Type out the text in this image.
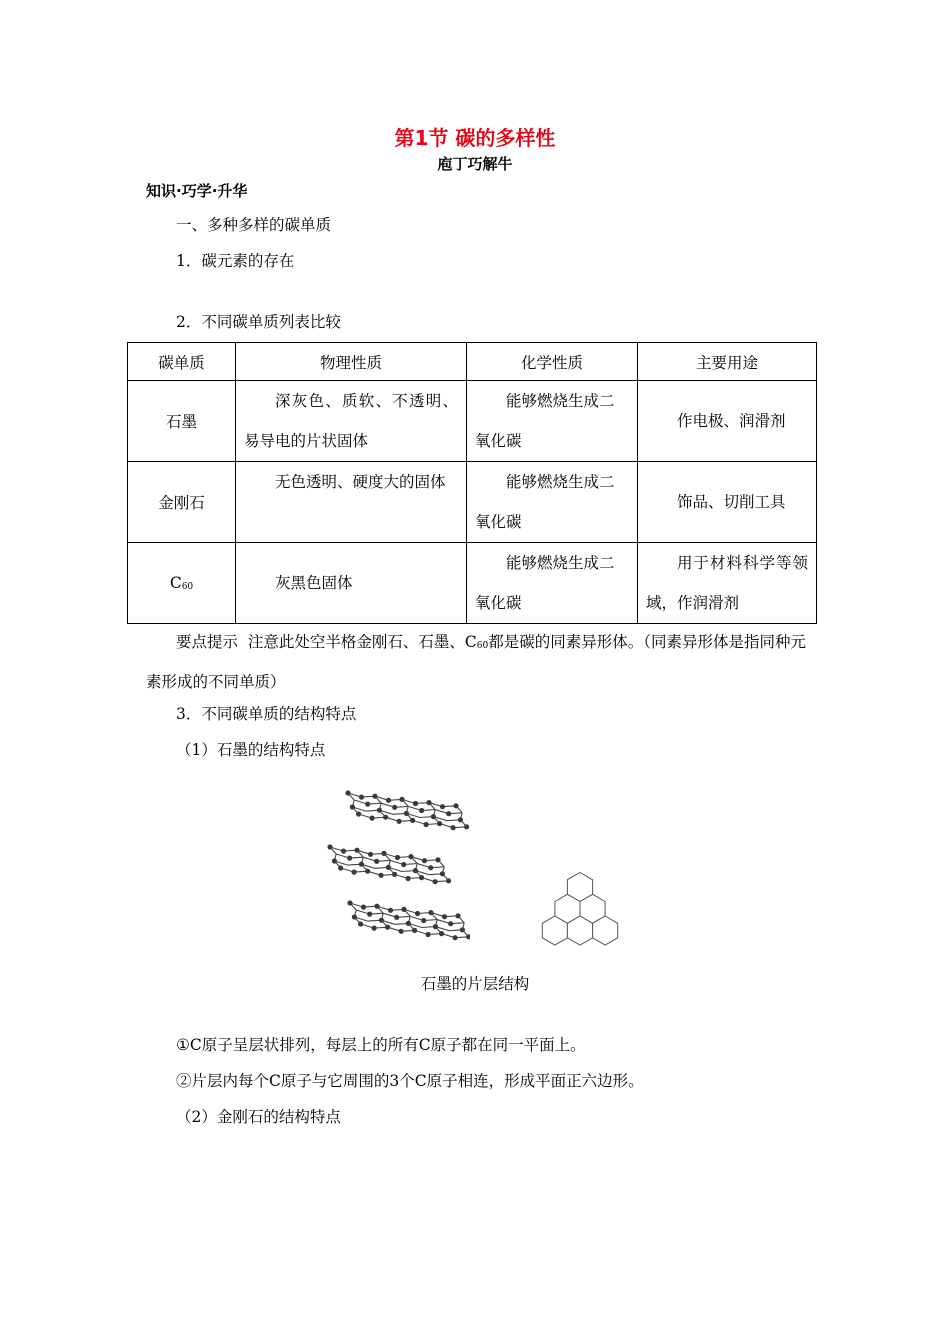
第1节 碳的多样性
庖丁巧解牛
知识·巧学·升华
一、多种多样的碳单质
1．碳元素的存在
2．不同碳单质列表比较
碳单质	物理性质	化学性质	主要用途
石墨	深灰色、质软、不透明、易导电的片状固体	能够燃烧生成二氧化碳	作电极、润滑剂

金刚石	无色透明、硬度大的固体	能够燃烧生成二氧化碳	饰品、切削工具

$C_{60}$	灰黑色固体	能够燃烧生成二氧化碳	用于材料科学等领域，作润滑剂
要点提示 注意此处空半格金刚石、石墨、$C_{60}$都是碳的同素异形体。（同素异形体是指同种元素形成的不同单质）
3．不同碳单质的结构特点
（1）石墨的结构特点
石墨的片层结构
①C原子呈层状排列，每层上的所有C原子都在同一平面上。
②片层内每个C原子与它周围的3个C原子相连，形成平面正六边形。
（2）金刚石的结构特点
